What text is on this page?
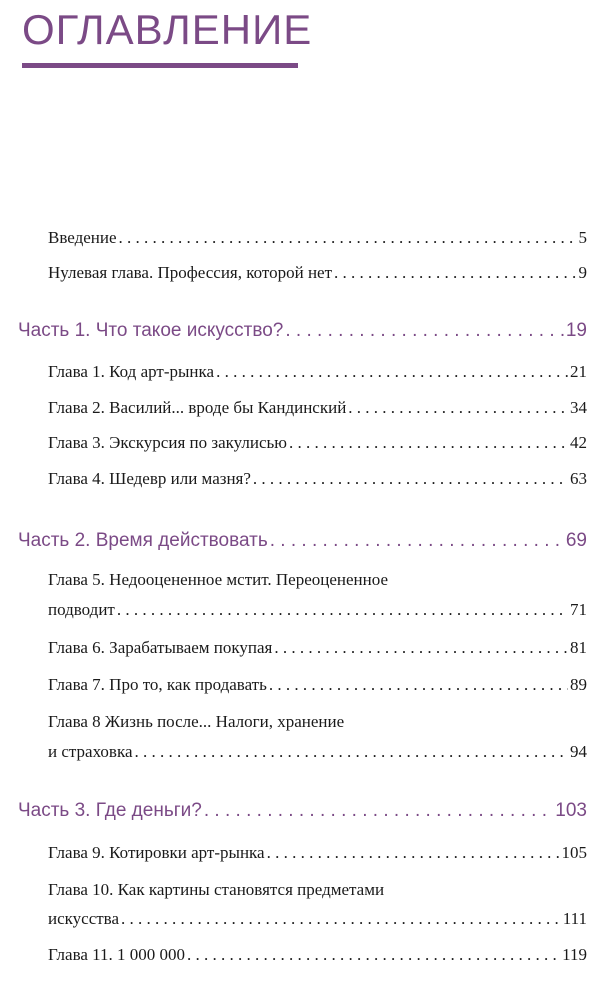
ОГЛАВЛЕНИЕ
Введение . . .	5
Нулевая глава. Профессия, которой нет . . .	9
Часть 1. Что такое искусство? . . .	19
Глава 1. Код арт-рынка . . .	21
Глава 2. Василий... вроде бы Кандинский . . .	34
Глава 3. Экскурсия по закулисью . . .	42
Глава 4. Шедевр или мазня? . . .	63
Часть 2. Время действовать . . .	69
Глава 5. Недооцененное мстит. Переоцененное
подводит . . .	71
Глава 6. Зарабатываем покупая . . .	81
Глава 7. Про то, как продавать . . .	89
Глава 8 Жизнь после... Налоги, хранение
и страховка . . .	94
Часть 3. Где деньги? . . .	103
Глава 9. Котировки арт-рынка . . .	105
Глава 10. Как картины становятся предметами
искусства . . .	111
Глава 11. 1 000 000 . . .	119
